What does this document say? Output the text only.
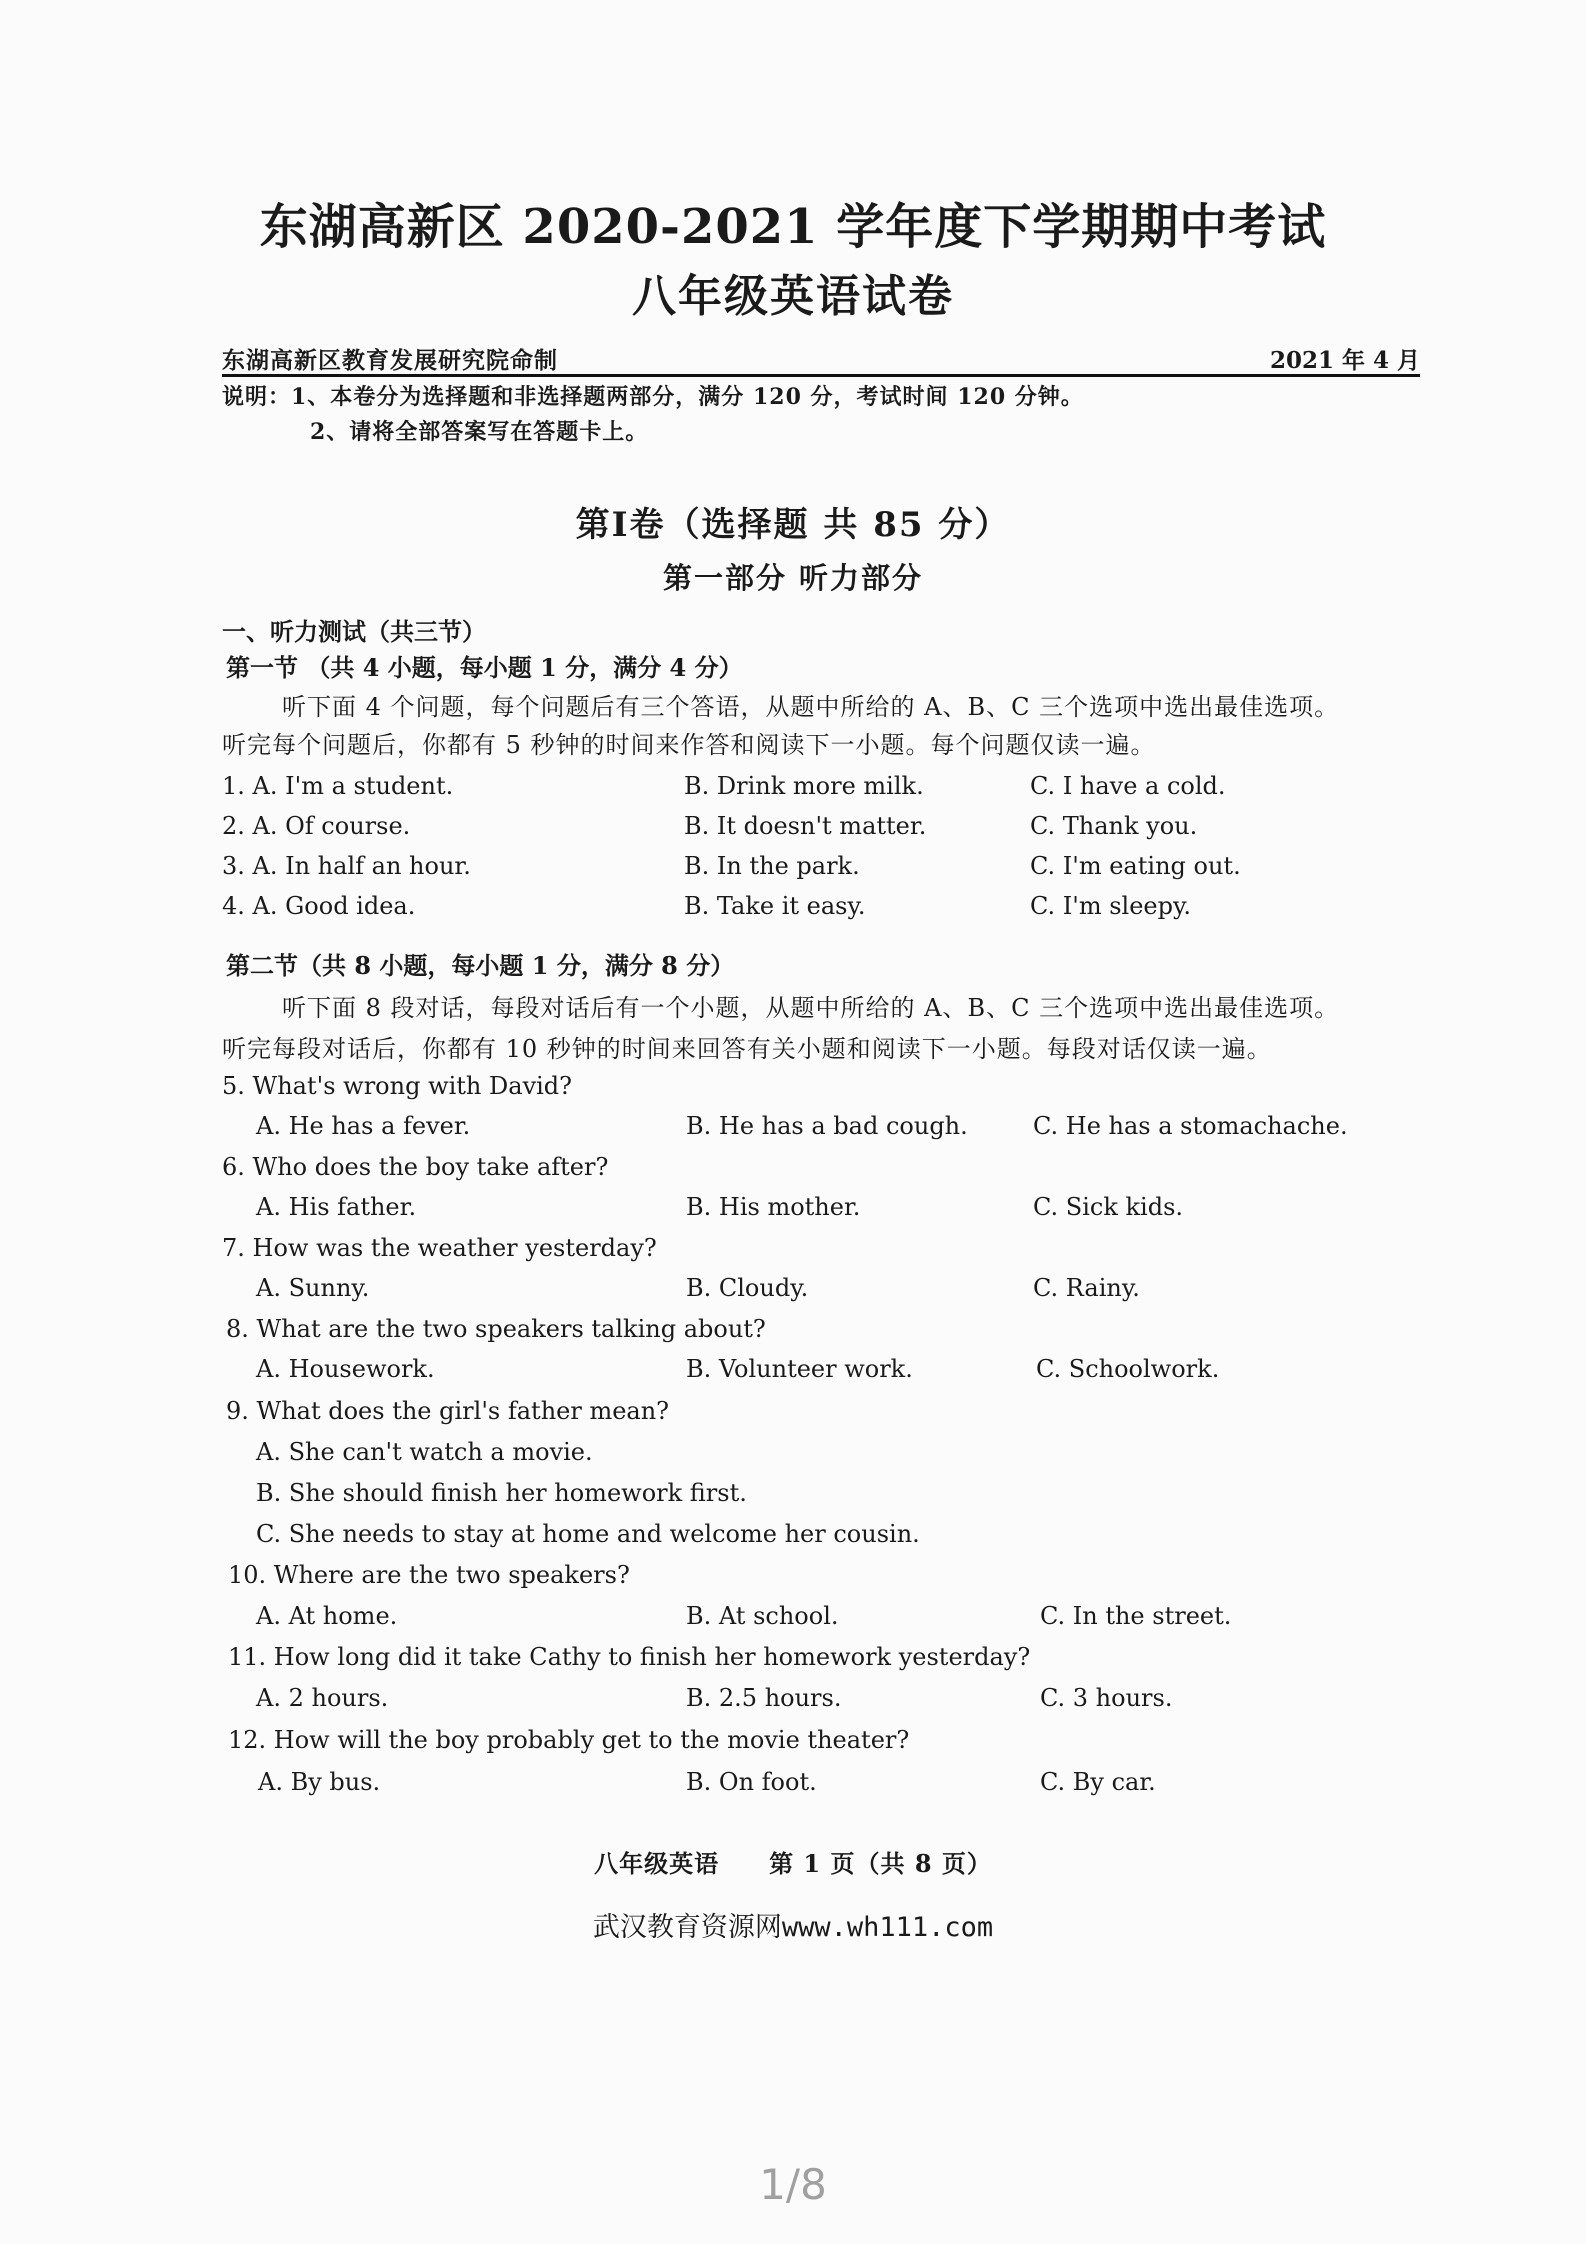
东湖高新区 2020-2021 学年度下学期期中考试
八年级英语试卷
东湖高新区教育发展研究院命制	2021 年 4 月
说明：1、本卷分为选择题和非选择题两部分，满分 120 分，考试时间 120 分钟。
2、请将全部答案写在答题卡上。
第Ⅰ卷（选择题 共 85 分）
第一部分 听力部分
一、听力测试（共三节）
第一节 （共 4 小题，每小题 1 分，满分 4 分）
听下面 4 个问题，每个问题后有三个答语，从题中所给的 A、B、C 三个选项中选出最佳选项。
听完每个问题后，你都有 5 秒钟的时间来作答和阅读下一小题。每个问题仅读一遍。
1. A. I'm a student.	B. Drink more milk.	C. I have a cold.
2. A. Of course.	B. It doesn't matter.	C. Thank you.
3. A. In half an hour.	B. In the park.	C. I'm eating out.
4. A. Good idea.	B. Take it easy.	C. I'm sleepy.
第二节（共 8 小题，每小题 1 分，满分 8 分）
听下面 8 段对话，每段对话后有一个小题，从题中所给的 A、B、C 三个选项中选出最佳选项。
听完每段对话后，你都有 10 秒钟的时间来回答有关小题和阅读下一小题。每段对话仅读一遍。
5. What's wrong with David?
A. He has a fever.	B. He has a bad cough.	C. He has a stomachache.
6. Who does the boy take after?
A. His father.	B. His mother.	C. Sick kids.
7. How was the weather yesterday?
A. Sunny.	B. Cloudy.	C. Rainy.
8. What are the two speakers talking about?
A. Housework.	B. Volunteer work.	C. Schoolwork.
9. What does the girl's father mean?
A. She can't watch a movie.
B. She should finish her homework first.
C. She needs to stay at home and welcome her cousin.
10. Where are the two speakers?
A. At home.	B. At school.	C. In the street.
11. How long did it take Cathy to finish her homework yesterday?
A. 2 hours.	B. 2.5 hours.	C. 3 hours.
12. How will the boy probably get to the movie theater?
A. By bus.	B. On foot.	C. By car.
八年级英语 第 1 页（共 8 页）
武汉教育资源网www.wh111.com
1/8
